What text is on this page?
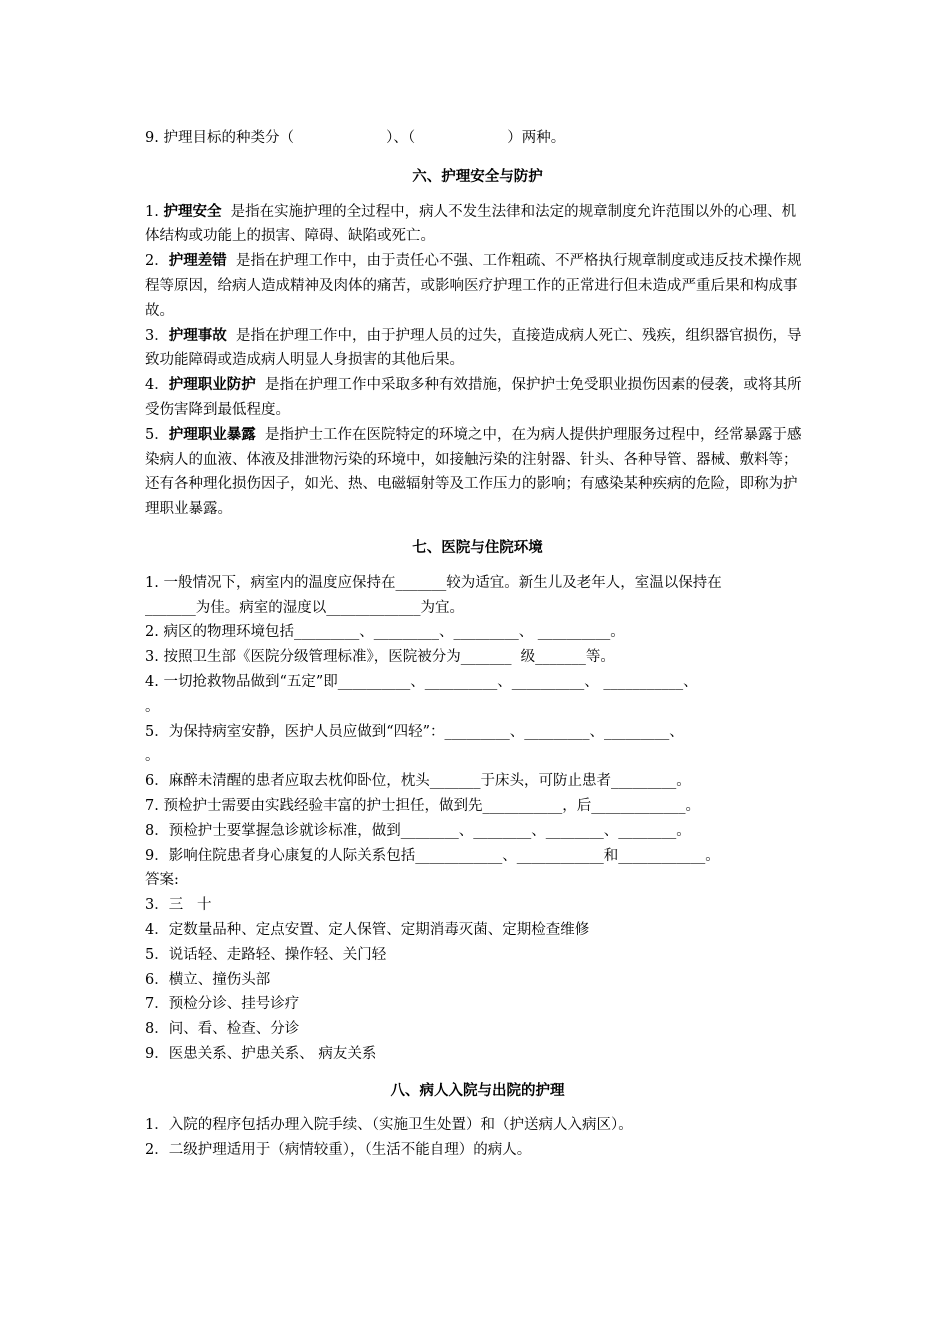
9. 护理目标的种类分（                    ）、（                    ）两种。

六、护理安全与防护

1. 护理安全  是指在实施护理的全过程中，病人不发生法律和法定的规章制度允许范围以外的心理、机体结构或功能上的损害、障碍、缺陷或死亡。

2．护理差错  是指在护理工作中，由于责任心不强、工作粗疏、不严格执行规章制度或违反技术操作规程等原因，给病人造成精神及肉体的痛苦，或影响医疗护理工作的正常进行但未造成严重后果和构成事故。

3．护理事故  是指在护理工作中，由于护理人员的过失，直接造成病人死亡、残疾，组织器官损伤，导致功能障碍或造成病人明显人身损害的其他后果。

4．护理职业防护  是指在护理工作中采取多种有效措施，保护护士免受职业损伤因素的侵袭，或将其所受伤害降到最低程度。

5．护理职业暴露  是指护士工作在医院特定的环境之中，在为病人提供护理服务过程中，经常暴露于感染病人的血液、体液及排泄物污染的环境中，如接触污染的注射器、针头、各种导管、器械、敷料等；还有各种理化损伤因子，如光、热、电磁辐射等及工作压力的影响；有感染某种疾病的危险，即称为护理职业暴露。

七、医院与住院环境

1. 一般情况下，病室内的温度应保持在_______较为适宜。新生儿及老年人，室温以保持在

_______为佳。病室的湿度以_____________为宜。

2. 病区的物理环境包括_________、_________、_________、 __________。

3. 按照卫生部《医院分级管理标准》，医院被分为_______  级_______等。

4. 一切抢救物品做到“五定”即__________、__________、__________、 ___________、

。

5．为保持病室安静，医护人员应做到“四轻”：_________、_________、_________、

。

6．麻醉未清醒的患者应取去枕仰卧位，枕头_______于床头，可防止患者_________。

7. 预检护士需要由实践经验丰富的护士担任，做到先___________，后_____________。

8．预检护士要掌握急诊就诊标准，做到________、________、________、________。

9．影响住院患者身心康复的人际关系包括____________、____________和____________。

答案:

3．三   十

4．定数量品种、定点安置、定人保管、定期消毒灭菌、定期检查维修

5．说话轻、走路轻、操作轻、关门轻

6．横立、撞伤头部

7．预检分诊、挂号诊疗

8．问、看、检查、分诊

9．医患关系、护患关系、 病友关系

八、病人入院与出院的护理

1．入院的程序包括办理入院手续、（实施卫生处置）和（护送病人入病区）。

2．二级护理适用于（病情较重），（生活不能自理）的病人。
